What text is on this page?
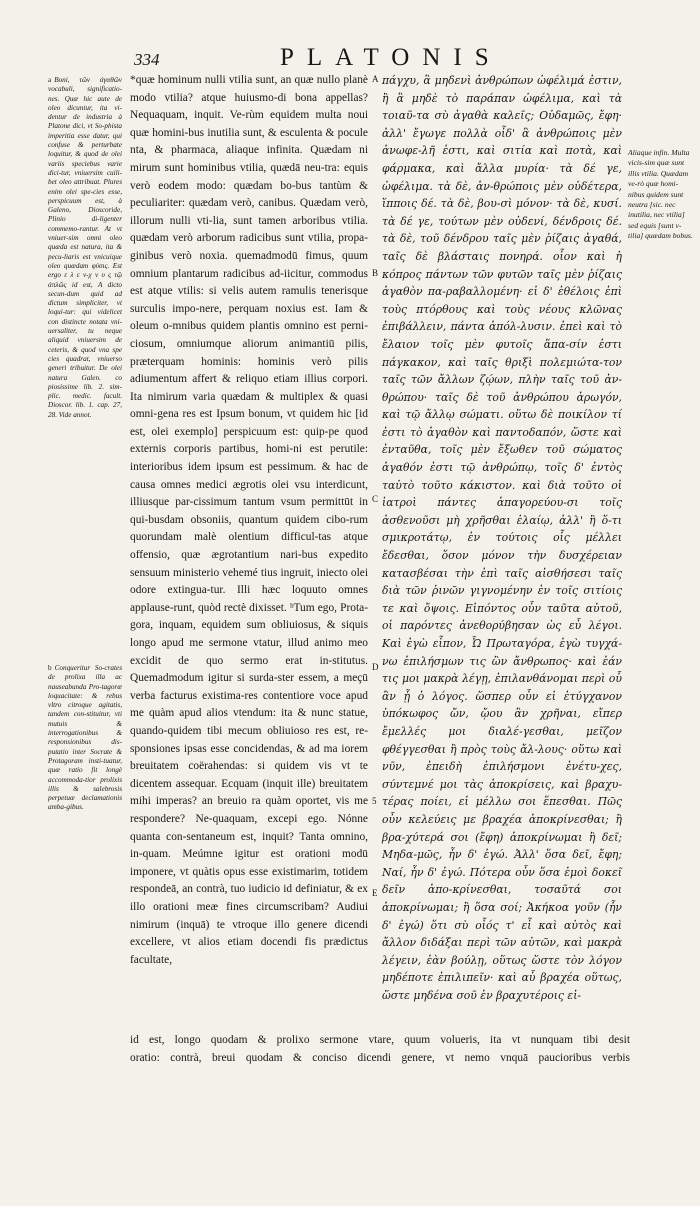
334	PLATONIS
a Boni, τῶν ἀγαθῶν vocabuli, significatio-nes. Quæ hic aute de oleo dicuntur, ita vi-dentur de industria à Platone dici, vt So-phista imperitia esse datur, qui confuse & perturbate loquitur, & quod de olei variis speciebus varie dici-tur, vniuersim cuili-bet oleo attribuat. Plures enim olei spe-cies esse, perspicuum est, à Galeno, Dioscoride, Plinio di-ligenter commemo-rantur. At vt vniuer-sim omni oleo quæda est natura, ita & pecu-liaris est vnicuique oleo quædam φύσις. Est ergo ε λ ε ν-χ ν υ ς τῷ ἀπλῶς id est, A dicto secun-dum quid ad dictum simpliciter, vt loqui-tur: qui videlicet con distincte notata vni-uersaliter, tu neque aliquid vniuersim de ceteris, & quod vna spe cies quadrat, vniuerso generi tribuitur. De olei natura Galen. co piosissime lib. 2. sim-plic. medic. facult. Dioscor. lib. 1. cap. 27, 28. Vide annot.
b Conqueritur So-crates de prolixa illa ac nauseabunda Pro-tagoræ loquacitate: & rebus vltro citroque agitatis, tandem con-stituitur, vti mutuis & interrogationibus & responsionibus dis-putatio inter Socrate & Protagoram insti-tuatur, quæ ratio fit longè accommoda-tior prolixis illis & salebrosis perpetuæ declamationis amba-gibus.

*quæ hominum nulli vtilia sunt, an quæ nullo planè modo vtilia? atque huiusmo-di bona appellas? Nequaquam, inquit. Ve-rùm equidem multa noui quæ homini-bus inutilia sunt, & esculenta & pocule nta, & pharmaca, aliaque infinita. Quædam ni mirum sunt hominibus vtilia, quædā neu-tra: equis verò eodem modo: quædam bo-bus tantùm & peculiariter: quædam verò, canibus. Quædam verò, illorum nulli vti-lia, sunt tamen arboribus vtilia. quædam verò arborum radicibus sunt vtilia, propa-ginibus verò noxia. quemadmodū fimus, quum omnium plantarum radicibus ad-iicitur, commodus est atque vtilis: si velis autem ramulis tenerisque surculis impo-nere, perquam noxius est. Iam & oleum o-mnibus quidem plantis omnino est perni-ciosum, omniumque aliorum animantiū pilis, præterquam hominis: hominis verò pilis adiumentum affert & reliquo etiam illius corpori. Ita nimirum varia quædam & multiplex & quasi omni-gena res est Ipsum bonum, vt quidem hic [id est, olei exemplo] perspicuum est: quip-pe quod externis corporis partibus, homi-ni est perutile: interioribus idem ipsum est pessimum. & hac de causa omnes medici ægrotis olei vsu interdicunt, illiusque par-cissimum tantum vsum permittūt in qui-busdam obsoniis, quantum quidem cibo-rum quorundam malè olentium difficul-tas atque offensio, quæ ægrotantium nari-bus expedito sensuum ministerio vehemé tius ingruit, iniecto olei odore extingua-tur. Illi hæc loquuto omnes applause-runt, quòd rectè dixisset. ᵇTum ego, Prota-gora, inquam, equidem sum obliuiosus, & siquis longo apud me sermone vtatur, illud animo meo excidit de quo sermo erat in-stitutus. Quemadmodum igitur si surda-ster essem, a meçū verba facturus existima-res contentiore voce apud me quàm apud alios vtendum: ita & nunc statue, quando-quidem tibi mecum obliuioso res est, re-sponsiones ipsas esse concidendas, & ad ma iorem breuitatem coërahendas: si quidem vis vt te dicentem assequar. Ecquam (inquit ille) breuitatem mihi imperas? an breuio ra quàm oportet, vis me respondere? Ne-quaquam, excepi ego. Nónne quanta con-sentaneum est, inquit? Tanta omnino, in-quam. Meúmne igitur est orationi modū imponere, vt quàtis opus esse existimarim, totidem respondeā, an contrà, tuo iudicio id definiatur, & ex illo orationi meæ fines circumscribam? Audiui nimirum (inquā) te vtroque illo genere dicendi excellere, vt alios etiam docendi fis prædictus facultate,

A
B
C
D
5
E

πάγχυ, ἃ μηδενὶ ἀνθρώπων ὠφέλιμά ἐστιν, ἢ ἃ μηδὲ τὸ παράπαν ὠφέλιμα, καὶ τὰ τοιαῦ-τα σὺ ἀγαθὰ καλεῖς; Οὐδαμῶς, ἔφη· ἀλλ' ἔγωγε πολλὰ οἶδ' ἃ ἀνθρώποις μὲν ἀνωφε-λῆ ἐστι, καὶ σιτία καὶ ποτὰ, καὶ φάρμακα, καὶ ἄλλα μυρία· τὰ δέ γε, ὠφέλιμα. τὰ δὲ, ἀν-θρώποις μὲν οὐδέτερα, ἵπποις δέ. τὰ δὲ, βου-σὶ μόνον· τὰ δὲ, κυσί. τὰ δέ γε, τούτων μὲν οὐδενί, δένδροις δέ. τὰ δὲ, τοῦ δένδρου ταῖς μὲν ῥίζαις ἀγαθά, ταῖς δὲ βλάσταις πονηρά. οἷον καὶ ἡ κόπρος πάντων τῶν φυτῶν ταῖς μὲν ῥίζαις ἀγαθὸν πα-ραβαλλομένη· εἰ δ' ἐθέλοις ἐπὶ τοὺς πτόρθους καὶ τοὺς νέους κλῶνας ἐπιβάλλειν, πάντα ἀπόλ-λυσιν. ἐπεὶ καὶ τὸ ἔλαιον τοῖς μὲν φυτοῖς ἅπα-σίν ἐστι πάγκακον, καὶ ταῖς θριξὶ πολεμιώτα-τον ταῖς τῶν ἄλλων ζῴων, πλὴν ταῖς τοῦ ἀν-θρώπου· ταῖς δὲ τοῦ ἀνθρώπου ἀρωγόν, καὶ τῷ ἄλλῳ σώματι. οὕτω δὲ ποικίλον τί ἐστι τὸ ἀγαθὸν καὶ παντοδαπόν, ὥστε καὶ ἐνταῦθα, τοῖς μὲν ἔξωθεν τοῦ σώματος ἀγαθόν ἐστι τῷ ἀνθρώπῳ, τοῖς δ' ἐντὸς ταὐτὸ τοῦτο κάκιστον. καὶ διὰ τοῦτο οἱ ἰατροὶ πάντες ἀπαγορεύου-σι τοῖς ἀσθενοῦσι μὴ χρῆσθαι ἐλαίῳ, ἀλλ' ἢ ὅ-τι σμικροτάτῳ, ἐν τούτοις οἷς μέλλει ἔδεσθαι, ὅσον μόνον τὴν δυσχέρειαν κατασβέσαι τὴν ἐπὶ ταῖς αἰσθήσεσι ταῖς διὰ τῶν ῥινῶν γιγνομένην ἐν τοῖς σιτίοις τε καὶ ὄψοις. Εἰπόντος οὖν ταῦτα αὐτοῦ, οἱ παρόντες ἀνεθορύβησαν ὡς εὖ λέγοι. Καὶ ἐγὼ εἶπον, Ὦ Πρωταγόρα, ἐγὼ τυγχά-νω ἐπιλήσμων τις ὢν ἄνθρωπος· καὶ ἐάν τις μοι μακρὰ λέγῃ, ἐπιλανθάνομαι περὶ οὗ ἂν ᾖ ὁ λόγος. ὥσπερ οὖν εἰ ἐτύγχανον ὑπόκωφος ὤν, ᾤου ἂν χρῆναι, εἴπερ ἔμελλές μοι διαλέ-γεσθαι, μεῖζον φθέγγεσθαι ἢ πρὸς τοὺς ἄλ-λους· οὕτω καὶ νῦν, ἐπειδὴ ἐπιλήσμονι ἐνέτυ-χες, σύντεμνέ μοι τὰς ἀποκρίσεις, καὶ βραχυ-τέρας ποίει, εἰ μέλλω σοι ἕπεσθαι. Πῶς οὖν κελεύεις με βραχέα ἀποκρίνεσθαι; ἢ βρα-χύτερά σοι (ἔφη) ἀποκρίνωμαι ἢ δεῖ; Μηδα-μῶς, ἦν δ' ἐγώ. Ἀλλ' ὅσα δεῖ, ἔφη; Ναί, ἦν δ' ἐγώ. Πότερα οὖν ὅσα ἐμοὶ δοκεῖ δεῖν ἀπο-κρίνεσθαι, τοσαῦτά σοι ἀποκρίνωμαι; ἢ ὅσα σοί; Ἀκήκοα γοῦν (ἦν δ' ἐγώ) ὅτι σὺ οἷός τ' εἶ καὶ αὐτὸς καὶ ἄλλον διδάξαι περὶ τῶν αὐτῶν, καὶ μακρὰ λέγειν, ἐὰν βούλῃ, οὕτως ὥστε τὸν λόγον μηδέποτε ἐπιλιπεῖν· καὶ αὖ βραχέα οὕτως, ὥστε μηδένα σοῦ ἐν βραχυτέροις εἰ-

Aliaque infin. Multa vicis-sim quæ sunt illis vtilia. Quædam ve-rò quæ homi-nibus quidem sunt neutra [sic. nec inutilia, nec vtilia] sed equis [sunt v-tilia] quædam bobus.
id est, longo quodam & prolixo sermone vtare, quum volueris, ita vt nunquam tibi desit
oratio: contrà, breui quodam & conciso dicendi genere, vt nemo vnquā paucioribus verbis
